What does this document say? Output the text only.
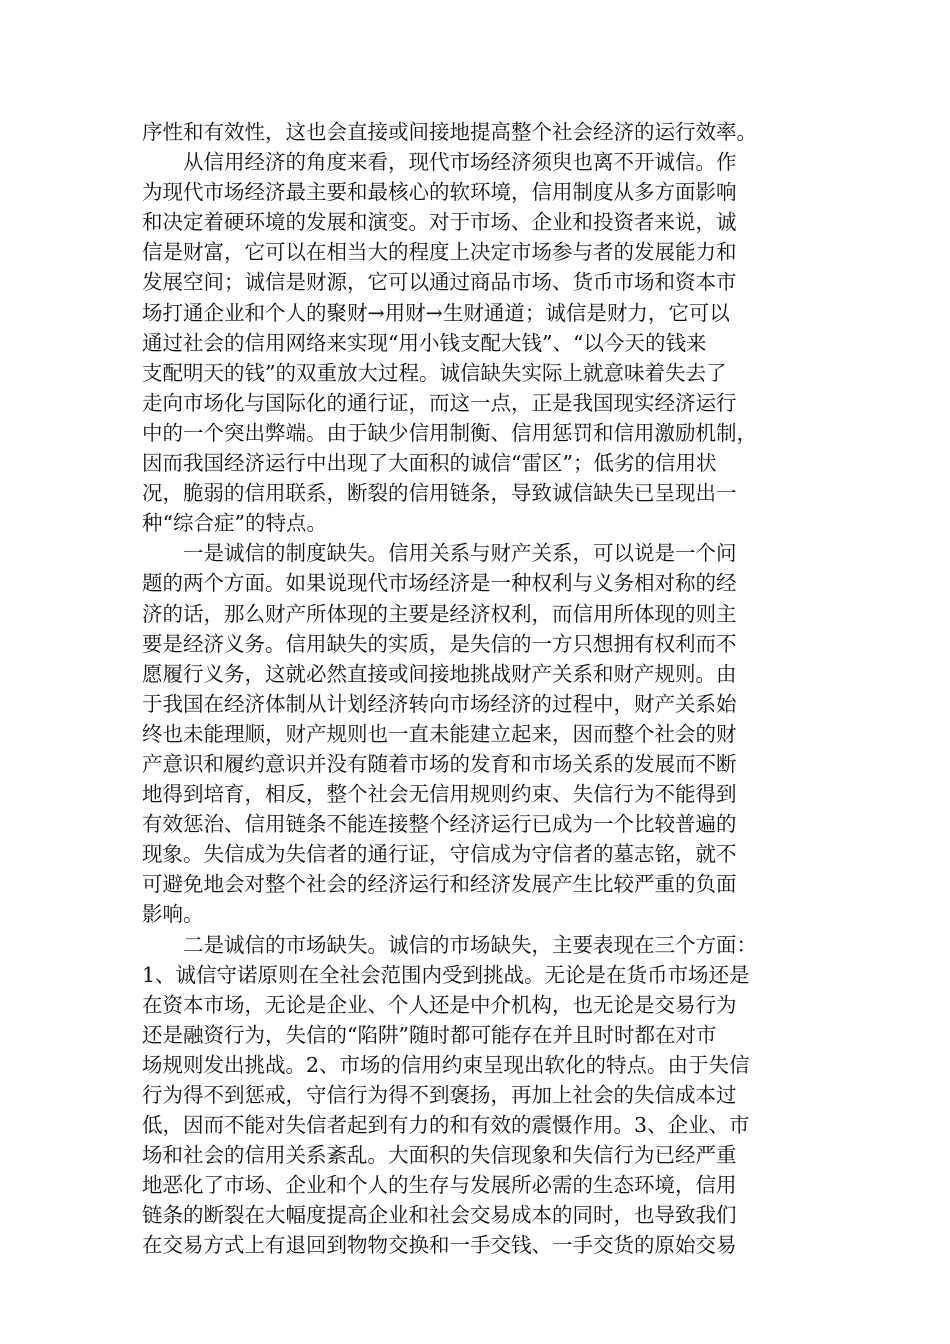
序性和有效性，这也会直接或间接地提高整个社会经济的运行效率。
从信用经济的角度来看，现代市场经济须臾也离不开诚信。作
为现代市场经济最主要和最核心的软环境，信用制度从多方面影响
和决定着硬环境的发展和演变。对于市场、企业和投资者来说，诚
信是财富，它可以在相当大的程度上决定市场参与者的发展能力和
发展空间；诚信是财源，它可以通过商品市场、货币市场和资本市
场打通企业和个人的聚财→用财→生财通道；诚信是财力，它可以
通过社会的信用网络来实现“用小钱支配大钱”、“以今天的钱来
支配明天的钱”的双重放大过程。诚信缺失实际上就意味着失去了
走向市场化与国际化的通行证，而这一点，正是我国现实经济运行
中的一个突出弊端。由于缺少信用制衡、信用惩罚和信用激励机制，
因而我国经济运行中出现了大面积的诚信“雷区”；低劣的信用状
况，脆弱的信用联系，断裂的信用链条，导致诚信缺失已呈现出一
种“综合症”的特点。
一是诚信的制度缺失。信用关系与财产关系，可以说是一个问
题的两个方面。如果说现代市场经济是一种权利与义务相对称的经
济的话，那么财产所体现的主要是经济权利，而信用所体现的则主
要是经济义务。信用缺失的实质，是失信的一方只想拥有权利而不
愿履行义务，这就必然直接或间接地挑战财产关系和财产规则。由
于我国在经济体制从计划经济转向市场经济的过程中，财产关系始
终也未能理顺，财产规则也一直未能建立起来，因而整个社会的财
产意识和履约意识并没有随着市场的发育和市场关系的发展而不断
地得到培育，相反，整个社会无信用规则约束、失信行为不能得到
有效惩治、信用链条不能连接整个经济运行已成为一个比较普遍的
现象。失信成为失信者的通行证，守信成为守信者的墓志铭，就不
可避免地会对整个社会的经济运行和经济发展产生比较严重的负面
影响。
二是诚信的市场缺失。诚信的市场缺失，主要表现在三个方面：
1、诚信守诺原则在全社会范围内受到挑战。无论是在货币市场还是
在资本市场，无论是企业、个人还是中介机构，也无论是交易行为
还是融资行为，失信的“陷阱”随时都可能存在并且时时都在对市
场规则发出挑战。2、市场的信用约束呈现出软化的特点。由于失信
行为得不到惩戒，守信行为得不到褒扬，再加上社会的失信成本过
低，因而不能对失信者起到有力的和有效的震慑作用。3、企业、市
场和社会的信用关系紊乱。大面积的失信现象和失信行为已经严重
地恶化了市场、企业和个人的生存与发展所必需的生态环境，信用
链条的断裂在大幅度提高企业和社会交易成本的同时，也导致我们
在交易方式上有退回到物物交换和一手交钱、一手交货的原始交易
